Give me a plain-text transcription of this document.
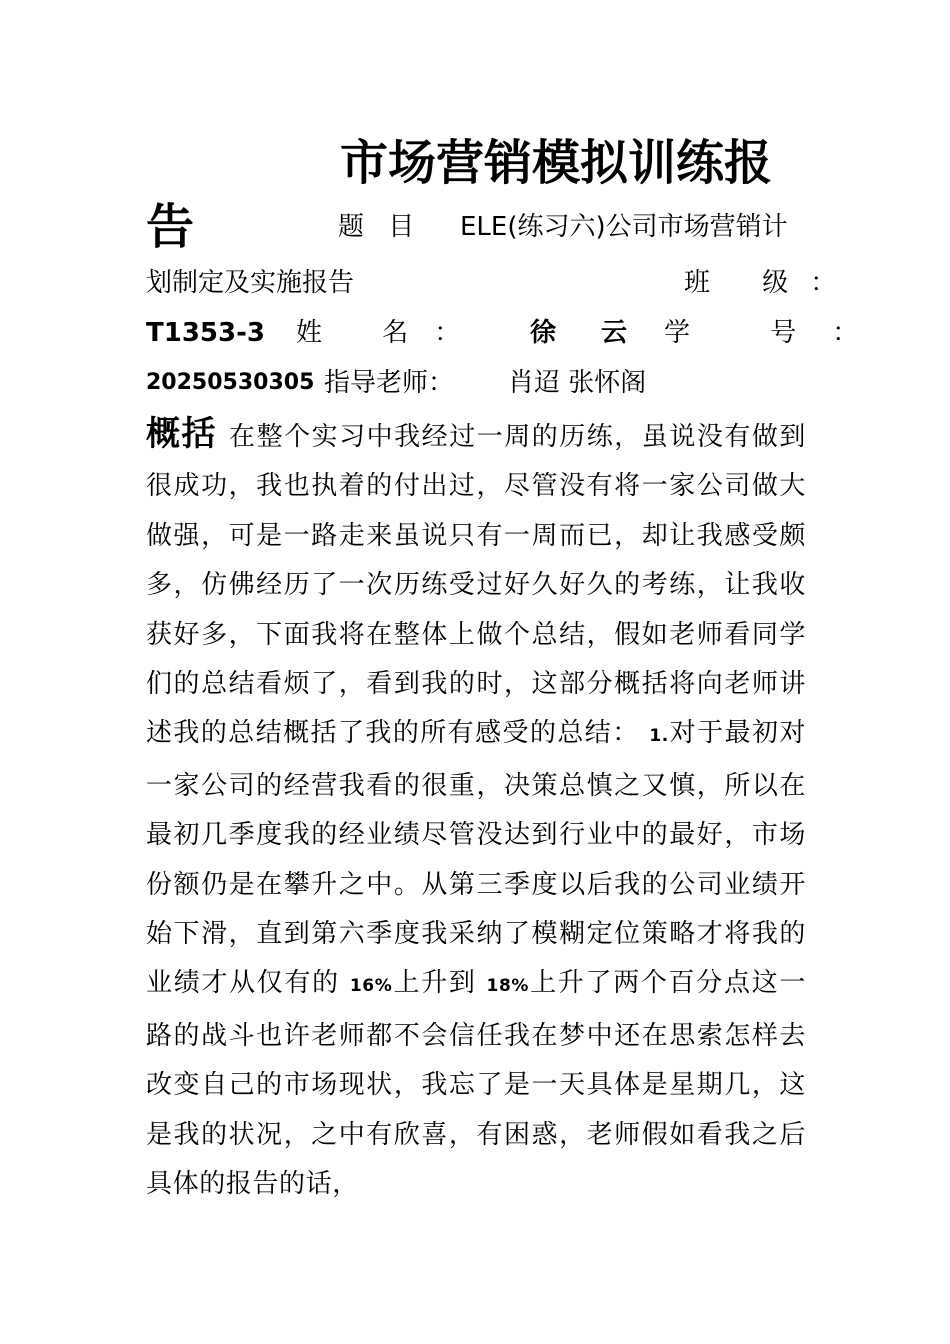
市场营销模拟训练报
告	题 目 ELE(练习六)公司市场营销计
划制定及实施报告	班 级：
T1353-3 姓 名： 徐 云 学 号：
20250530305 指导老师： 肖迢 张怀阁
概括 在整个实习中我经过一周的历练，虽说没有做到很成功，我也执着的付出过，尽管没有将一家公司做大做强，可是一路走来虽说只有一周而已，却让我感受颇多，仿佛经历了一次历练受过好久好久的考练，让我收获好多，下面我将在整体上做个总结，假如老师看同学们的总结看烦了，看到我的时，这部分概括将向老师讲述我的总结概括了我的所有感受的总结： 1.对于最初对一家公司的经营我看的很重，决策总慎之又慎，所以在最初几季度我的经业绩尽管没达到行业中的最好，市场份额仍是在攀升之中。从第三季度以后我的公司业绩开始下滑，直到第六季度我采纳了模糊定位策略才将我的业绩才从仅有的 16%上升到 18%上升了两个百分点这一路的战斗也许老师都不会信任我在梦中还在思索怎样去改变自己的市场现状，我忘了是一天具体是星期几，这是我的状况，之中有欣喜，有困惑，老师假如看我之后具体的报告的话，
